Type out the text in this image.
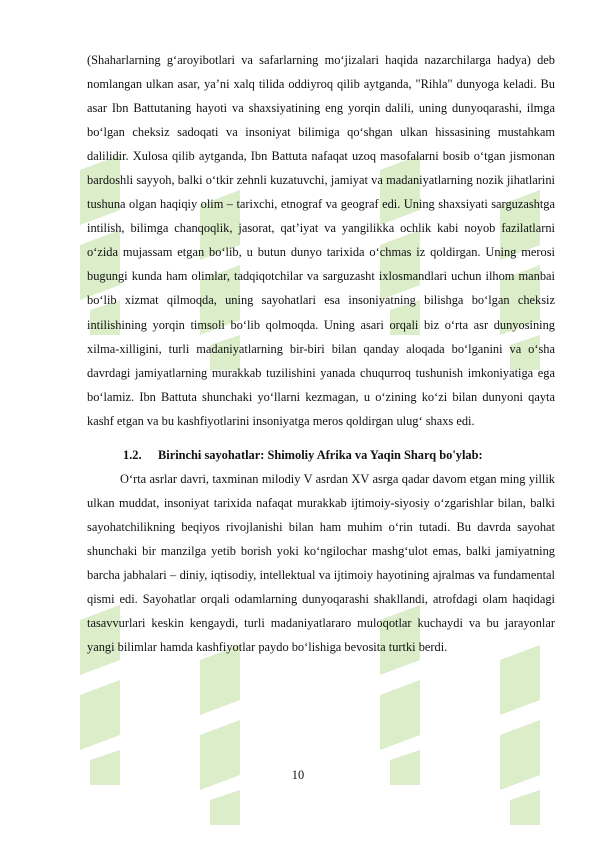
(Shaharlarning g‘aroyibotlari va safarlarning mo‘jizalari haqida nazarchilarga hadya) deb nomlangan ulkan asar, ya’ni xalq tilida oddiyroq qilib aytganda, "Rihla" dunyoga keladi. Bu asar Ibn Battutaning hayoti va shaxsiyatining eng yorqin dalili, uning dunyoqarashi, ilmga bo‘lgan cheksiz sadoqati va insoniyat bilimiga qo‘shgan ulkan hissasining mustahkam dalilidir. Xulosa qilib aytganda, Ibn Battuta nafaqat uzoq masofalarni bosib o‘tgan jismonan bardoshli sayyoh, balki o‘tkir zehnli kuzatuvchi, jamiyat va madaniyatlarning nozik jihatlarini tushuna olgan haqiqiy olim – tarixchi, etnograf va geograf edi. Uning shaxsiyati sarguzashtga intilish, bilimga chanqoqlik, jasorat, qat’iyat va yangilikka ochlik kabi noyob fazilatlarni o‘zida mujassam etgan bo‘lib, u butun dunyo tarixida o‘chmas iz qoldirgan. Uning merosi bugungi kunda ham olimlar, tadqiqotchilar va sarguzasht ixlosmandlari uchun ilhom manbai bo‘lib xizmat qilmoqda, uning sayohatlari esa insoniyatning bilishga bo‘lgan cheksiz intilishining yorqin timsoli bo‘lib qolmoqda. Uning asari orqali biz o‘rta asr dunyosining xilma-xilligini, turli madaniyatlarning bir-biri bilan qanday aloqada bo‘lganini va o‘sha davrdagi jamiyatlarning murakkab tuzilishini yanada chuqurroq tushunish imkoniyatiga ega bo‘lamiz. Ibn Battuta shunchaki yo‘llarni kezmagan, u o‘zining ko‘zi bilan dunyoni qayta kashf etgan va bu kashfiyotlarini insoniyatga meros qoldirgan ulug‘ shaxs edi.

1.2. Birinchi sayohatlar: Shimoliy Afrika va Yaqin Sharq bo'ylab:

O‘rta asrlar davri, taxminan milodiy V asrdan XV asrga qadar davom etgan ming yillik ulkan muddat, insoniyat tarixida nafaqat murakkab ijtimoiy-siyosiy o‘zgarishlar bilan, balki sayohatchilikning beqiyos rivojlanishi bilan ham muhim o‘rin tutadi. Bu davrda sayohat shunchaki bir manzilga yetib borish yoki ko‘ngilochar mashg‘ulot emas, balki jamiyatning barcha jabhalari – diniy, iqtisodiy, intellektual va ijtimoiy hayotining ajralmas va fundamental qismi edi. Sayohatlar orqali odamlarning dunyoqarashi shakllandi, atrofdagi olam haqidagi tasavvurlari keskin kengaydi, turli madaniyatlararo muloqotlar kuchaydi va bu jarayonlar yangi bilimlar hamda kashfiyotlar paydo bo‘lishiga bevosita turtki berdi.

10
